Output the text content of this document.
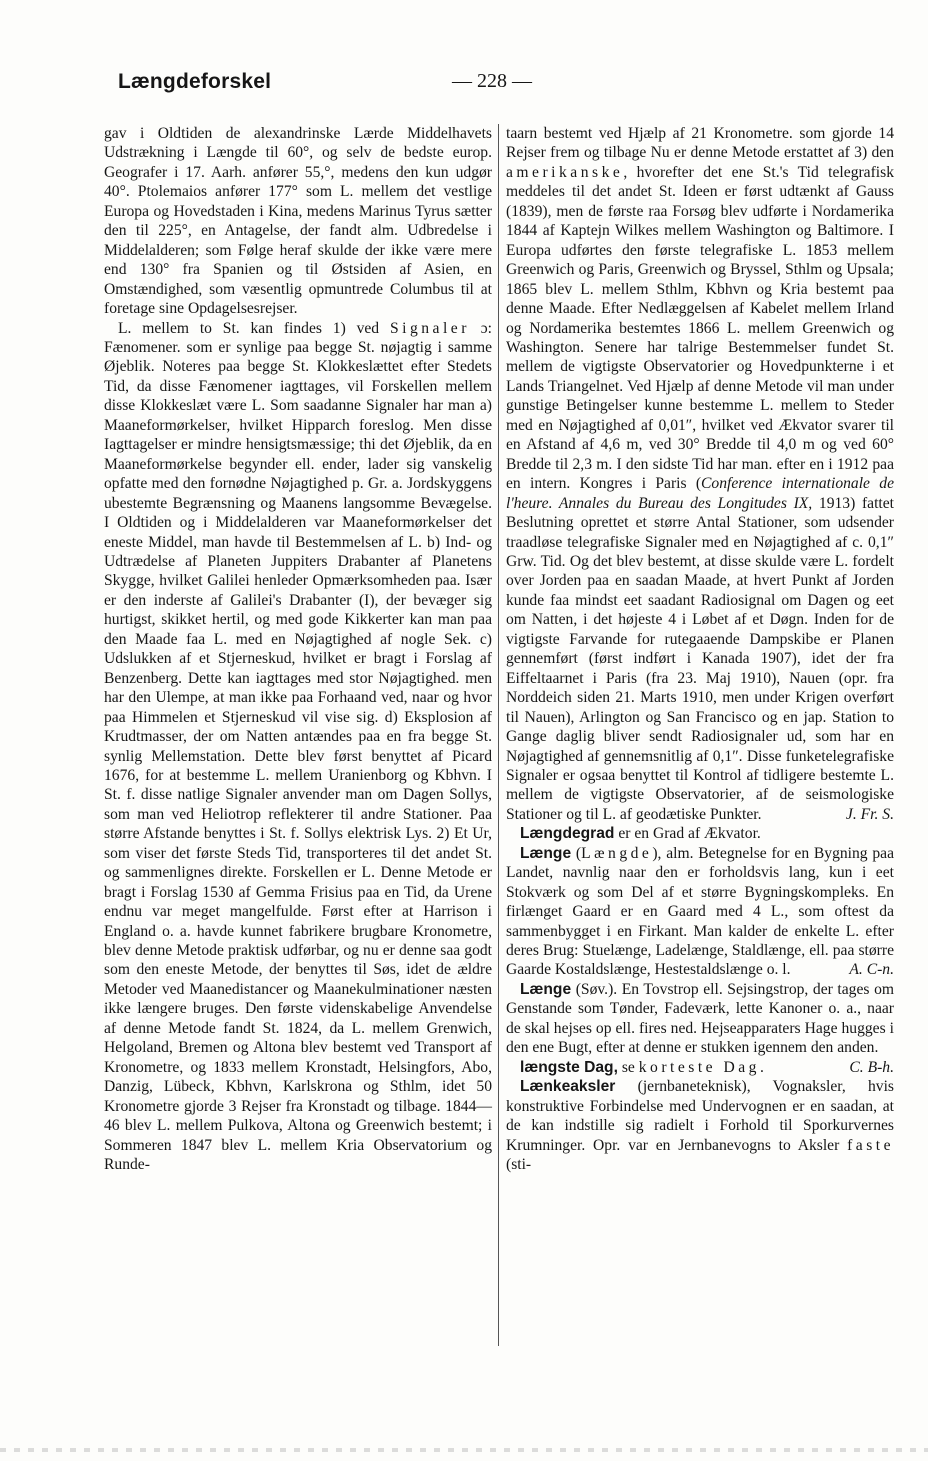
Længdeforskel	— 228 —

gav i Oldtiden de alexandrinske Lærde Middelhavets Udstrækning i Længde til 60°, og selv de bedste europ. Geografer i 17. Aarh. anfører 55,°, medens den kun udgør 40°. Ptolemaios anfører 177° som L. mellem det vestlige Europa og Hovedstaden i Kina, medens Marinus Tyrus sætter den til 225°, en Antagelse, der fandt alm. Udbredelse i Middelalderen; som Følge heraf skulde der ikke være mere end 130° fra Spanien og til Østsiden af Asien, en Omstændighed, som væsentlig opmuntrede Columbus til at foretage sine Opdagelsesrejser.

L. mellem to St. kan findes 1) ved Signaler ɔ: Fænomener. som er synlige paa begge St. nøjagtig i samme Øjeblik. Noteres paa begge St. Klokkeslættet efter Stedets Tid, da disse Fænomener iagttages, vil Forskellen mellem disse Klokkeslæt være L. Som saadanne Signaler har man a) Maaneformørkelser, hvilket Hipparch foreslog. Men disse Iagttagelser er mindre hensigtsmæssige; thi det Øjeblik, da en Maaneformørkelse begynder ell. ender, lader sig vanskelig opfatte med den fornødne Nøjagtighed p. Gr. a. Jordskyggens ubestemte Begrænsning og Maanens langsomme Bevægelse. I Oldtiden og i Middelalderen var Maaneformørkelser det eneste Middel, man havde til Bestemmelsen af L. b) Ind- og Udtrædelse af Planeten Juppiters Drabanter af Planetens Skygge, hvilket Galilei henleder Opmærksomheden paa. Især er den inderste af Galilei's Drabanter (I), der bevæger sig hurtigst, skikket hertil, og med gode Kikkerter kan man paa den Maade faa L. med en Nøjagtighed af nogle Sek. c) Udslukken af et Stjerneskud, hvilket er bragt i Forslag af Benzenberg. Dette kan iagttages med stor Nøjagtighed. men har den Ulempe, at man ikke paa Forhaand ved, naar og hvor paa Himmelen et Stjerneskud vil vise sig. d) Eksplosion af Krudtmasser, der om Natten antændes paa en fra begge St. synlig Mellemstation. Dette blev først benyttet af Picard 1676, for at bestemme L. mellem Uranienborg og Kbhvn. I St. f. disse natlige Signaler anvender man om Dagen Sollys, som man ved Heliotrop reflekterer til andre Stationer. Paa større Afstande benyttes i St. f. Sollys elektrisk Lys. 2) Et Ur, som viser det første Steds Tid, transporteres til det andet St. og sammenlignes direkte. Forskellen er L. Denne Metode er bragt i Forslag 1530 af Gemma Frisius paa en Tid, da Urene endnu var meget mangelfulde. Først efter at Harrison i England o. a. havde kunnet fabrikere brugbare Kronometre, blev denne Metode praktisk udførbar, og nu er denne saa godt som den eneste Metode, der benyttes til Søs, idet de ældre Metoder ved Maanedistancer og Maanekulminationer næsten ikke længere bruges. Den første videnskabelige Anvendelse af denne Metode fandt St. 1824, da L. mellem Grenwich, Helgoland, Bremen og Altona blev bestemt ved Transport af Kronometre, og 1833 mellem Kronstadt, Helsingfors, Abo, Danzig, Lübeck, Kbhvn, Karlskrona og Sthlm, idet 50 Kronometre gjorde 3 Rejser fra Kronstadt og tilbage. 1844—46 blev L. mellem Pulkova, Altona og Greenwich bestemt; i Sommeren 1847 blev L. mellem Kria Observatorium og Runde-

taarn bestemt ved Hjælp af 21 Kronometre. som gjorde 14 Rejser frem og tilbage Nu er denne Metode erstattet af 3) den amerikanske, hvorefter det ene St.'s Tid telegrafisk meddeles til det andet St. Ideen er først udtænkt af Gauss (1839), men de første raa Forsøg blev udførte i Nordamerika 1844 af Kaptejn Wilkes mellem Washington og Baltimore. I Europa udførtes den første telegrafiske L. 1853 mellem Greenwich og Paris, Greenwich og Bryssel, Sthlm og Upsala; 1865 blev L. mellem Sthlm, Kbhvn og Kria bestemt paa denne Maade. Efter Nedlæggelsen af Kabelet mellem Irland og Nordamerika bestemtes 1866 L. mellem Greenwich og Washington. Senere har talrige Bestemmelser fundet St. mellem de vigtigste Observatorier og Hovedpunkterne i et Lands Triangelnet. Ved Hjælp af denne Metode vil man under gunstige Betingelser kunne bestemme L. mellem to Steder med en Nøjagtighed af 0,01″, hvilket ved Ækvator svarer til en Afstand af 4,6 m, ved 30° Bredde til 4,0 m og ved 60° Bredde til 2,3 m. I den sidste Tid har man. efter en i 1912 paa en intern. Kongres i Paris (Conference internationale de l'heure. Annales du Bureau des Longitudes IX, 1913) fattet Beslutning oprettet et større Antal Stationer, som udsender traadløse telegrafiske Signaler med en Nøjagtighed af c. 0,1″ Grw. Tid. Og det blev bestemt, at disse skulde være L. fordelt over Jorden paa en saadan Maade, at hvert Punkt af Jorden kunde faa mindst eet saadant Radiosignal om Dagen og eet om Natten, i det højeste 4 i Løbet af et Døgn. Inden for de vigtigste Farvande for rutegaaende Dampskibe er Planen gennemført (først indført i Kanada 1907), idet der fra Eiffeltaarnet i Paris (fra 23. Maj 1910), Nauen (opr. fra Norddeich siden 21. Marts 1910, men under Krigen overført til Nauen), Arlington og San Francisco og en jap. Station to Gange daglig bliver sendt Radiosignaler ud, som har en Nøjagtighed af gennemsnitlig af 0,1″. Disse funketelegrafiske Signaler er ogsaa benyttet til Kontrol af tidligere bestemte L. mellem de vigtigste Observatorier, af de seismologiske Stationer og til L. af geodætiske Punkter.	J. Fr. S.

Længdegrad er en Grad af Ækvator.

Længe (Længde), alm. Betegnelse for en Bygning paa Landet, navnlig naar den er forholdsvis lang, kun i eet Stokværk og som Del af et større Bygningskompleks. En firlænget Gaard er en Gaard med 4 L., som oftest da sammenbygget i en Firkant. Man kalder de enkelte L. efter deres Brug: Stuelænge, Ladelænge, Staldlænge, ell. paa større Gaarde Kostaldslænge, Hestestaldslænge o. l.	A. C-n.

Længe (Søv.). En Tovstrop ell. Sejsingstrop, der tages om Genstande som Tønder, Fadeværk, lette Kanoner o. a., naar de skal hejses op ell. fires ned. Hejseapparaters Hage hugges i den ene Bugt, efter at denne er stukken igennem den anden.
C. B-h.

længste Dag, se korteste Dag.

Lænkeaksler (jernbaneteknisk), Vognaksler, hvis konstruktive Forbindelse med Undervognen er en saadan, at de kan indstille sig radielt i Forhold til Sporkurvernes Krumninger. Opr. var en Jernbanevogns to Aksler faste (sti-
